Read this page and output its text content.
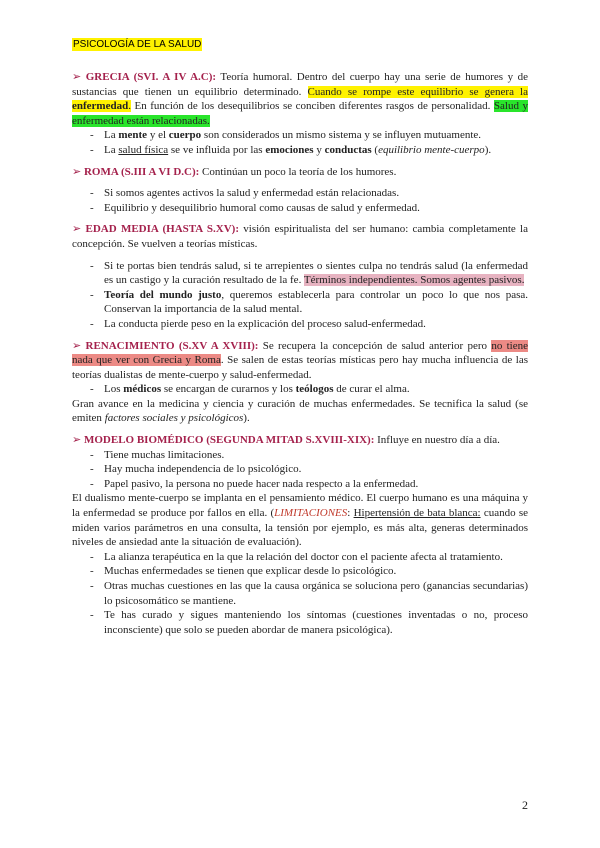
PSICOLOGÍA DE LA SALUD

➢ GRECIA (SVI. A IV A.C): Teoría humoral. Dentro del cuerpo hay una serie de humores y de sustancias que tienen un equilibrio determinado. Cuando se rompe este equilibrio se genera la enfermedad. En función de los desequilibrios se conciben diferentes rasgos de personalidad. Salud y enfermedad están relacionadas.

- La mente y el cuerpo son considerados un mismo sistema y se influyen mutuamente.
- La salud física se ve influida por las emociones y conductas (equilibrio mente-cuerpo).

➢ ROMA (S.III A VI D.C): Continúan un poco la teoría de los humores.

- Si somos agentes activos la salud y enfermedad están relacionadas.
- Equilibrio y desequilibrio humoral como causas de salud y enfermedad.

➢ EDAD MEDIA (HASTA S.XV): visión espiritualista del ser humano: cambia completamente la concepción. Se vuelven a teorías místicas.

- Si te portas bien tendrás salud, si te arrepientes o sientes culpa no tendrás salud (la enfermedad es un castigo y la curación resultado de la fe. Términos independientes. Somos agentes pasivos.
- Teoría del mundo justo, queremos establecerla para controlar un poco lo que nos pasa. Conservan la importancia de la salud mental.
- La conducta pierde peso en la explicación del proceso salud-enfermedad.

➢ RENACIMIENTO (S.XV A XVIII): Se recupera la concepción de salud anterior pero no tiene nada que ver con Grecia y Roma. Se salen de estas teorías místicas pero hay mucha influencia de las teorías dualistas de mente-cuerpo y salud-enfermedad.

- Los médicos se encargan de curarnos y los teólogos de curar el alma.

Gran avance en la medicina y ciencia y curación de muchas enfermedades. Se tecnifica la salud (se emiten factores sociales y psicológicos).

➢ MODELO BIOMÉDICO (SEGUNDA MITAD S.XVIII-XIX): Influye en nuestro día a día.

- Tiene muchas limitaciones.
- Hay mucha independencia de lo psicológico.
- Papel pasivo, la persona no puede hacer nada respecto a la enfermedad.

El dualismo mente-cuerpo se implanta en el pensamiento médico. El cuerpo humano es una máquina y la enfermedad se produce por fallos en ella. (LIMITACIONES: Hipertensión de bata blanca: cuando se miden varios parámetros en una consulta, la tensión por ejemplo, es más alta, generas determinados niveles de ansiedad ante la situación de evaluación).

- La alianza terapéutica en la que la relación del doctor con el paciente afecta al tratamiento.
- Muchas enfermedades se tienen que explicar desde lo psicológico.
- Otras muchas cuestiones en las que la causa orgánica se soluciona pero (ganancias secundarias) lo psicosomático se mantiene.
- Te has curado y sigues manteniendo los síntomas (cuestiones inventadas o no, proceso inconsciente) que solo se pueden abordar de manera psicológica).
2
